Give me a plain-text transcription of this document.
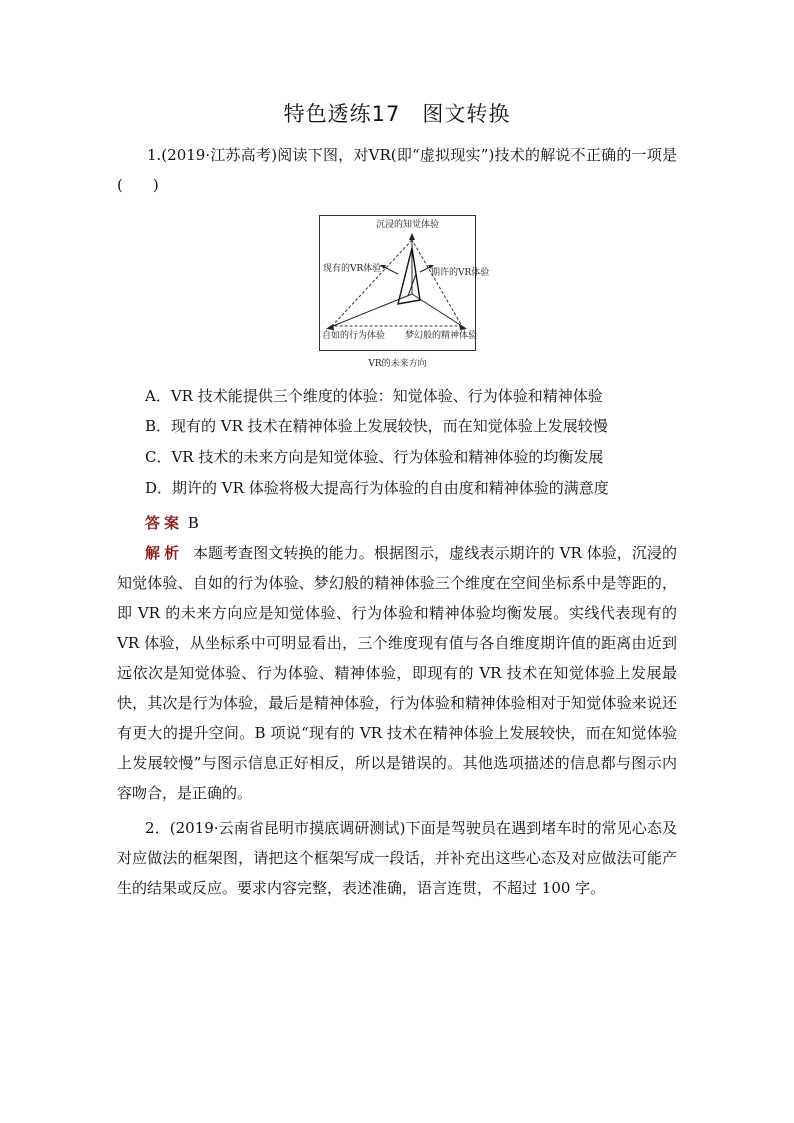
特色透练17　图文转换
1.(2019·江苏高考)阅读下图，对VR(即“虚拟现实”)技术的解说不正确的一项是(　　)
沉浸的知觉体验
现有的VR体验	期许的VR体验
自如的行为体验 梦幻般的精神体验
VR的未来方向
A．VR 技术能提供三个维度的体验：知觉体验、行为体验和精神体验
B．现有的 VR 技术在精神体验上发展较快，而在知觉体验上发展较慢
C．VR 技术的未来方向是知觉体验、行为体验和精神体验的均衡发展
D．期许的 VR 体验将极大提高行为体验的自由度和精神体验的满意度
答案 B
解析 本题考查图文转换的能力。根据图示，虚线表示期许的 VR 体验，沉浸的知觉体验、自如的行为体验、梦幻般的精神体验三个维度在空间坐标系中是等距的，即 VR 的未来方向应是知觉体验、行为体验和精神体验均衡发展。实线代表现有的 VR 体验，从坐标系中可明显看出，三个维度现有值与各自维度期许值的距离由近到远依次是知觉体验、行为体验、精神体验，即现有的 VR 技术在知觉体验上发展最快，其次是行为体验，最后是精神体验，行为体验和精神体验相对于知觉体验来说还有更大的提升空间。B 项说“现有的 VR 技术在精神体验上发展较快，而在知觉体验上发展较慢”与图示信息正好相反，所以是错误的。其他选项描述的信息都与图示内容吻合，是正确的。
2．(2019·云南省昆明市摸底调研测试)下面是驾驶员在遇到堵车时的常见心态及对应做法的框架图，请把这个框架写成一段话，并补充出这些心态及对应做法可能产生的结果或反应。要求内容完整，表述准确，语言连贯，不超过 100 字。
